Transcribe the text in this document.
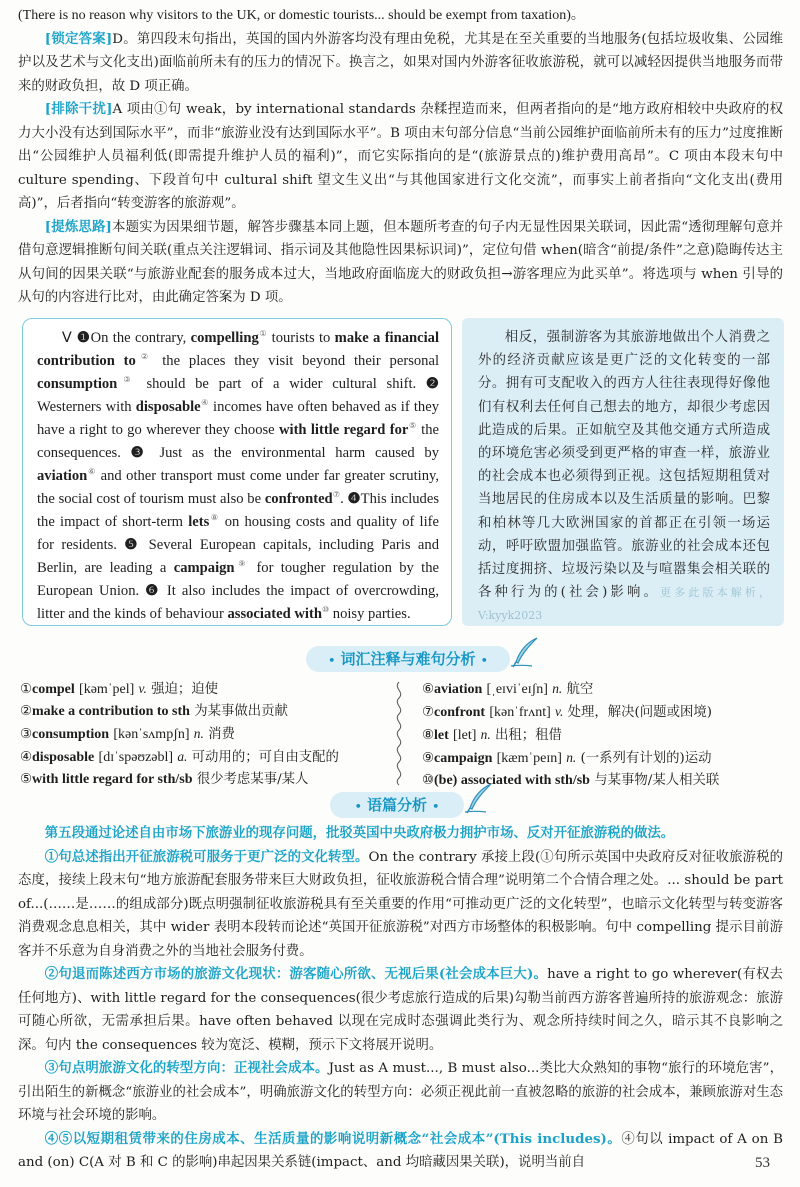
(There is no reason why visitors to the UK, or domestic tourists... should be exempt from taxation)。

[锁定答案]D。第四段末句指出，英国的国内外游客均没有理由免税，尤其是在至关重要的当地服务(包括垃圾收集、公园维护以及艺术与文化支出)面临前所未有的压力的情况下。换言之，如果对国内外游客征收旅游税，就可以减轻因提供当地服务而带来的财政负担，故 D 项正确。

[排除干扰]A 项由①句 weak，by international standards 杂糅捏造而来，但两者指向的是“地方政府相较中央政府的权力大小没有达到国际水平”，而非“旅游业没有达到国际水平”。B 项由末句部分信息“当前公园维护面临前所未有的压力”过度推断出“公园维护人员福利低(即需提升维护人员的福利)”，而它实际指向的是“(旅游景点的)维护费用高昂”。C 项由本段末句中 culture spending、下段首句中 cultural shift 望文生义出“与其他国家进行文化交流”，而事实上前者指向“文化支出(费用高)”，后者指向“转变游客的旅游观”。

[提炼思路]本题实为因果细节题，解答步骤基本同上题，但本题所考查的句子内无显性因果关联词，因此需“透彻理解句意并借句意逻辑推断句间关联(重点关注逻辑词、指示词及其他隐性因果标识词)”，定位句借 when(暗含“前提/条件”之意)隐晦传达主从句间的因果关联“与旅游业配套的服务成本过大，当地政府面临庞大的财政负担→游客理应为此买单”。将选项与 when 引导的从句的内容进行比对，由此确定答案为 D 项。

Ⅴ ❶On the contrary, compelling① tourists to make a financial contribution to② the places they visit beyond their personal consumption③ should be part of a wider cultural shift. ❷ Westerners with disposable④ incomes have often behaved as if they have a right to go wherever they choose with little regard for⑤ the consequences. ❸ Just as the environmental harm caused by aviation⑥ and other transport must come under far greater scrutiny, the social cost of tourism must also be confronted⑦. ❹This includes the impact of short-term lets⑧ on housing costs and quality of life for residents. ❺ Several European capitals, including Paris and Berlin, are leading a campaign⑨ for tougher regulation by the European Union. ❻ It also includes the impact of overcrowding, litter and the kinds of behaviour associated with⑩ noisy parties.

相反，强制游客为其旅游地做出个人消费之外的经济贡献应该是更广泛的文化转变的一部分。拥有可支配收入的西方人往往表现得好像他们有权利去任何自己想去的地方，却很少考虑因此造成的后果。正如航空及其他交通方式所造成的环境危害必须受到更严格的审查一样，旅游业的社会成本也必须得到正视。这包括短期租赁对当地居民的住房成本以及生活质量的影响。巴黎和柏林等几大欧洲国家的首都正在引领一场运动，呼吁欧盟加强监管。旅游业的社会成本还包括过度拥挤、垃圾污染以及与喧嚣集会相关联的各种行为的(社会)影响。更多此版本解析，V:kyyk2023

• 词汇注释与难句分析 •
①compel [kəmˈpel] v. 强迫；迫使
②make a contribution to sth 为某事做出贡献
③consumption [kənˈsʌmpʃn] n. 消费
④disposable [dɪˈspəʊzəbl] a. 可动用的；可自由支配的
⑤with little regard for sth/sb 很少考虑某事/某人
⑥aviation [ˌeɪviˈeɪʃn] n. 航空
⑦confront [kənˈfrʌnt] v. 处理，解决(问题或困境)
⑧let [let] n. 出租；租借
⑨campaign [kæmˈpeɪn] n. (一系列有计划的)运动
⑩(be) associated with sth/sb 与某事物/某人相关联
• 语篇分析 •

第五段通过论述自由市场下旅游业的现存问题，批驳英国中央政府极力拥护市场、反对开征旅游税的做法。

①句总述指出开征旅游税可服务于更广泛的文化转型。On the contrary 承接上段(①句所示英国中央政府反对征收旅游税的态度，接续上段末句“地方旅游配套服务带来巨大财政负担，征收旅游税合情合理”说明第二个合情合理之处。... should be part of...(……是……的组成部分)既点明强制征收旅游税具有至关重要的作用“可推动更广泛的文化转型”，也暗示文化转型与转变游客消费观念息息相关，其中 wider 表明本段转而论述“英国开征旅游税”对西方市场整体的积极影响。句中 compelling 提示目前游客并不乐意为自身消费之外的当地社会服务付费。

②句退而陈述西方市场的旅游文化现状：游客随心所欲、无视后果(社会成本巨大)。have a right to go wherever(有权去任何地方)、with little regard for the consequences(很少考虑旅行造成的后果)勾勒当前西方游客普遍所持的旅游观念：旅游可随心所欲，无需承担后果。have often behaved 以现在完成时态强调此类行为、观念所持续时间之久，暗示其不良影响之深。句内 the consequences 较为宽泛、模糊，预示下文将展开说明。

③句点明旅游文化的转型方向：正视社会成本。Just as A must..., B must also...类比大众熟知的事物“旅行的环境危害”，引出陌生的新概念“旅游业的社会成本”，明确旅游文化的转型方向：必须正视此前一直被忽略的旅游的社会成本，兼顾旅游对生态环境与社会环境的影响。

④⑤以短期租赁带来的住房成本、生活质量的影响说明新概念“社会成本”(This includes)。④句以 impact of A on B and (on) C(A 对 B 和 C 的影响)串起因果关系链(impact、and 均暗藏因果关联)，说明当前自	53
